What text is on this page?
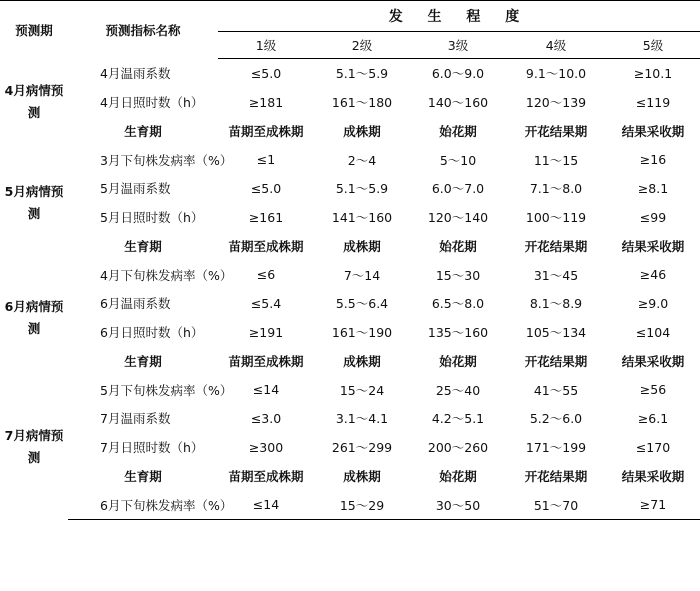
预测期	预测指标名称	发 生 程 度				
		1级	2级	3级	4级	5级
4月病情预测	4月温雨系数	≤5.0	5.1～5.9	6.0～9.0	9.1～10.0	≥10.1
	4月日照时数（h）	≥181	161～180	140～160	120～139	≤119
	生育期	苗期至成株期	成株期	始花期	开花结果期	结果采收期
5月病情预测	3月下旬株发病率（%）	≤1	2～4	5～10	11～15	≥16
	5月温雨系数	≤5.0	5.1～5.9	6.0～7.0	7.1～8.0	≥8.1
	5月日照时数（h）	≥161	141～160	120～140	100～119	≤99
	生育期	苗期至成株期	成株期	始花期	开花结果期	结果采收期
6月病情预测	4月下旬株发病率（%）	≤6	7～14	15～30	31～45	≥46
	6月温雨系数	≤5.4	5.5～6.4	6.5～8.0	8.1～8.9	≥9.0
	6月日照时数（h）	≥191	161～190	135～160	105～134	≤104
	生育期	苗期至成株期	成株期	始花期	开花结果期	结果采收期
7月病情预测	5月下旬株发病率（%）	≤14	15～24	25～40	41～55	≥56
	7月温雨系数	≤3.0	3.1～4.1	4.2～5.1	5.2～6.0	≥6.1
	7月日照时数（h）	≥300	261～299	200～260	171～199	≤170
	生育期	苗期至成株期	成株期	始花期	开花结果期	结果采收期
	6月下旬株发病率（%）	≤14	15～29	30～50	51～70	≥71
